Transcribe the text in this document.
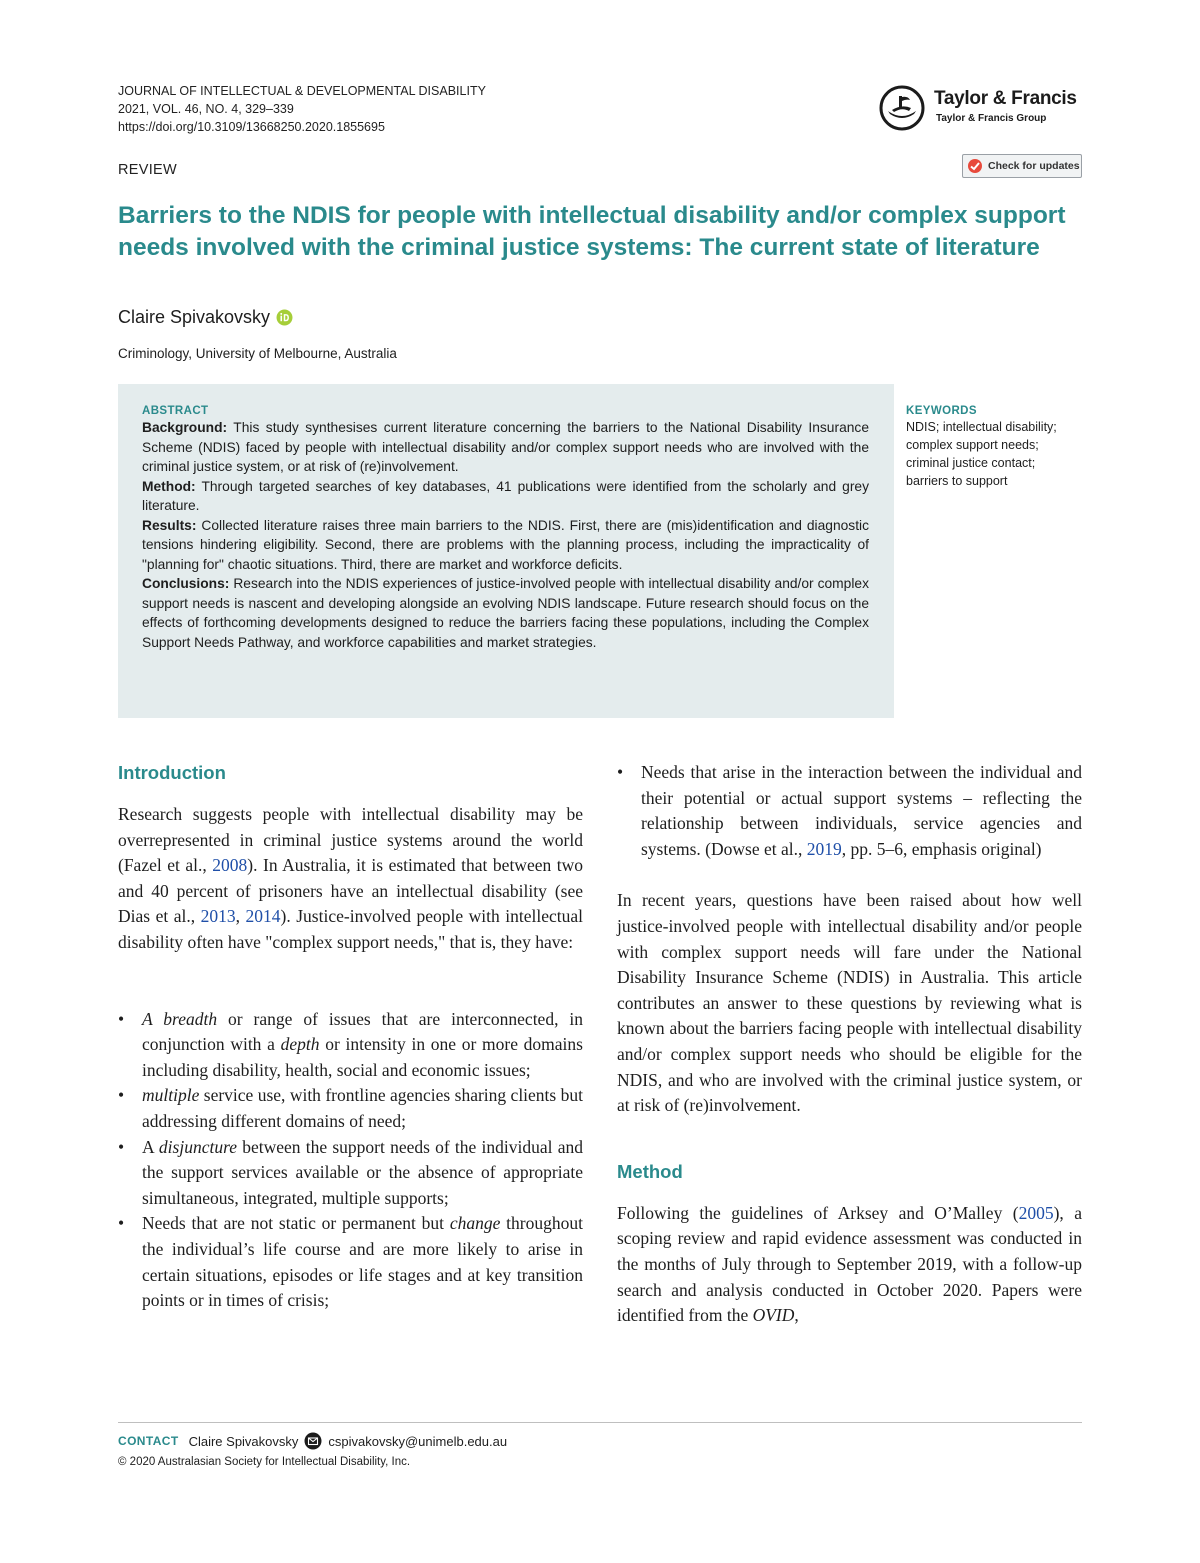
JOURNAL OF INTELLECTUAL & DEVELOPMENTAL DISABILITY
2021, VOL. 46, NO. 4, 329–339
https://doi.org/10.3109/13668250.2020.1855695
Taylor & Francis
Taylor & Francis Group
REVIEW	Check for updates
Barriers to the NDIS for people with intellectual disability and/or complex support needs involved with the criminal justice systems: The current state of literature
Claire Spivakovsky
Criminology, University of Melbourne, Australia
ABSTRACT
Background: This study synthesises current literature concerning the barriers to the National Disability Insurance Scheme (NDIS) faced by people with intellectual disability and/or complex support needs who are involved with the criminal justice system, or at risk of (re)involvement.
Method: Through targeted searches of key databases, 41 publications were identified from the scholarly and grey literature.
Results: Collected literature raises three main barriers to the NDIS. First, there are (mis)identification and diagnostic tensions hindering eligibility. Second, there are problems with the planning process, including the impracticality of "planning for" chaotic situations. Third, there are market and workforce deficits.
Conclusions: Research into the NDIS experiences of justice-involved people with intellectual disability and/or complex support needs is nascent and developing alongside an evolving NDIS landscape. Future research should focus on the effects of forthcoming developments designed to reduce the barriers facing these populations, including the Complex Support Needs Pathway, and workforce capabilities and market strategies.
KEYWORDS
NDIS; intellectual disability;
complex support needs;
criminal justice contact;
barriers to support
Introduction

Research suggests people with intellectual disability may be overrepresented in criminal justice systems around the world (Fazel et al., 2008). In Australia, it is estimated that between two and 40 percent of prisoners have an intellectual disability (see Dias et al., 2013, 2014). Justice-involved people with intellectual disability often have "complex support needs," that is, they have:

• A breadth or range of issues that are interconnected, in conjunction with a depth or intensity in one or more domains including disability, health, social and economic issues;
• multiple service use, with frontline agencies sharing clients but addressing different domains of need;
• A disjuncture between the support needs of the individual and the support services available or the absence of appropriate simultaneous, integrated, multiple supports;
• Needs that are not static or permanent but change throughout the individual’s life course and are more likely to arise in certain situations, episodes or life stages and at key transition points or in times of crisis;
• Needs that arise in the interaction between the individual and their potential or actual support systems – reflecting the relationship between individuals, service agencies and systems. (Dowse et al., 2019, pp. 5–6, emphasis original)

In recent years, questions have been raised about how well justice-involved people with intellectual disability and/or people with complex support needs will fare under the National Disability Insurance Scheme (NDIS) in Australia. This article contributes an answer to these questions by reviewing what is known about the barriers facing people with intellectual disability and/or complex support needs who should be eligible for the NDIS, and who are involved with the criminal justice system, or at risk of (re)involvement.

Method

Following the guidelines of Arksey and O’Malley (2005), a scoping review and rapid evidence assessment was conducted in the months of July through to September 2019, with a follow-up search and analysis conducted in October 2020. Papers were identified from the OVID,

CONTACT Claire Spivakovsky cspivakovsky@unimelb.edu.au
© 2020 Australasian Society for Intellectual Disability, Inc.
